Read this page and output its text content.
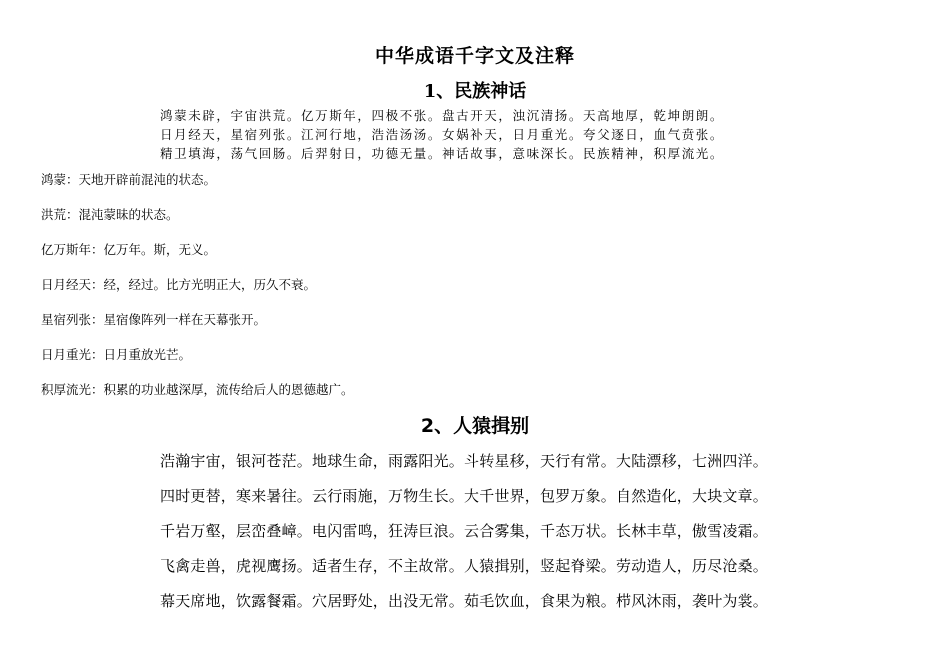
中华成语千字文及注释
1、民族神话
鸿蒙未辟，宇宙洪荒。亿万斯年，四极不张。盘古开天，浊沉清扬。天高地厚，乾坤朗朗。
日月经天，星宿列张。江河行地，浩浩汤汤。女娲补天，日月重光。夸父逐日，血气贲张。
精卫填海，荡气回肠。后羿射日，功德无量。神话故事，意味深长。民族精神，积厚流光。
鸿蒙：天地开辟前混沌的状态。
洪荒：混沌蒙昧的状态。
亿万斯年：亿万年。斯，无义。
日月经天：经，经过。比方光明正大，历久不衰。
星宿列张：星宿像阵列一样在天幕张开。
日月重光：日月重放光芒。
积厚流光：积累的功业越深厚，流传给后人的恩德越广。
2、人猿揖别
浩瀚宇宙，银河苍茫。地球生命，雨露阳光。斗转星移，天行有常。大陆漂移，七洲四洋。
四时更替，寒来暑往。云行雨施，万物生长。大千世界，包罗万象。自然造化，大块文章。
千岩万壑，层峦叠嶂。电闪雷鸣，狂涛巨浪。云合雾集，千态万状。长林丰草，傲雪凌霜。
飞禽走兽，虎视鹰扬。适者生存，不主故常。人猿揖别，竖起脊梁。劳动造人，历尽沧桑。
幕天席地，饮露餐霜。穴居野处，出没无常。茹毛饮血，食果为粮。栉风沐雨，袭叶为裳。
